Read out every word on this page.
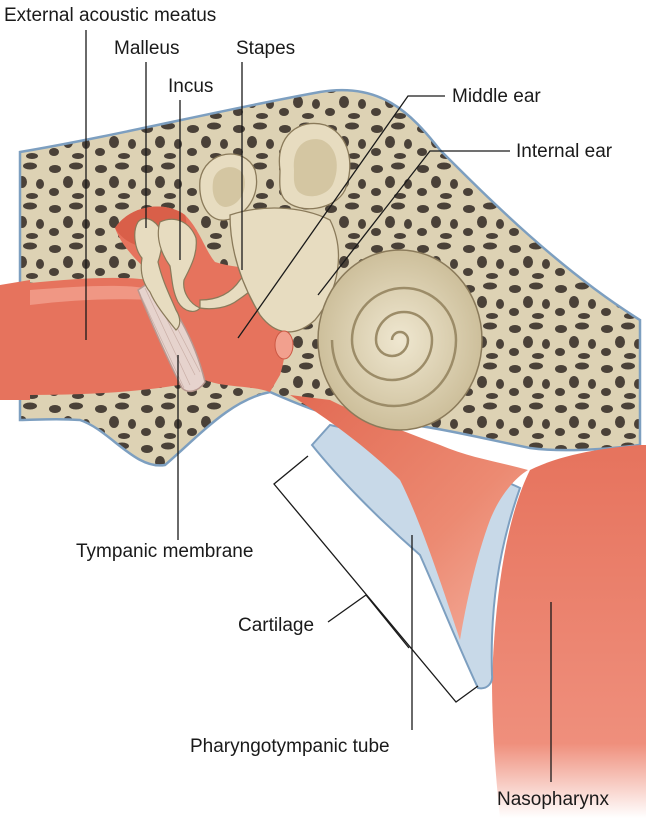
External acoustic meatus
Malleus
Incus
Stapes
Middle ear
Internal ear
Tympanic membrane
Cartilage
Pharyngotympanic tube
Nasopharynx
